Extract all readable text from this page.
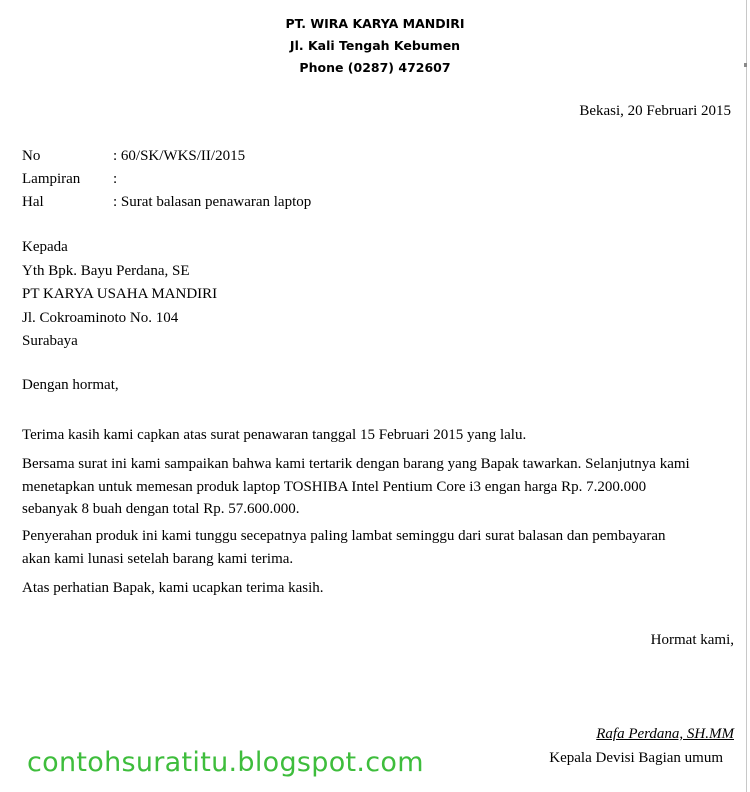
PT. WIRA KARYA MANDIRI
Jl. Kali Tengah Kebumen
Phone (0287) 472607
Bekasi, 20 Februari 2015
No	: 60/SK/WKS/II/2015
Lampiran	:
Hal	: Surat balasan penawaran laptop
Kepada
Yth Bpk. Bayu Perdana, SE
PT KARYA USAHA MANDIRI
Jl. Cokroaminoto No. 104
Surabaya
Dengan hormat,
Terima kasih kami capkan atas surat penawaran tanggal 15 Februari 2015 yang lalu.
Bersama surat ini kami sampaikan bahwa kami tertarik dengan barang yang Bapak tawarkan. Selanjutnya kami
menetapkan untuk memesan produk laptop TOSHIBA Intel Pentium Core i3 engan harga Rp. 7.200.000
sebanyak 8 buah dengan total Rp. 57.600.000.
Penyerahan produk ini kami tunggu secepatnya paling lambat seminggu dari surat balasan dan pembayaran
akan kami lunasi setelah barang kami terima.
Atas perhatian Bapak, kami ucapkan terima kasih.
Hormat kami,
Rafa Perdana, SH.MM
Kepala Devisi Bagian umum
contohsuratitu.blogspot.com
